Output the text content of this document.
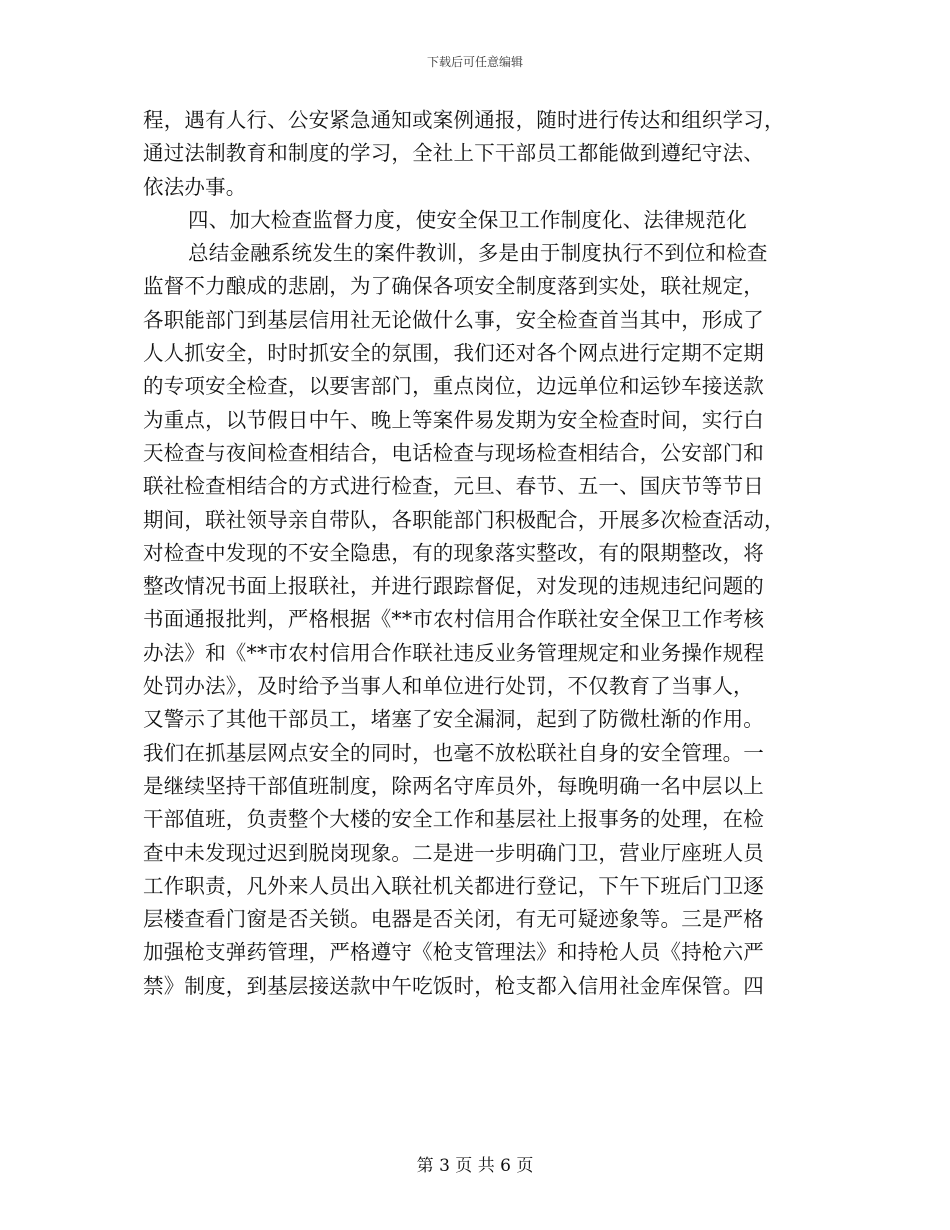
下载后可任意编辑
程，遇有人行、公安紧急通知或案例通报，随时进行传达和组织学习，
通过法制教育和制度的学习，全社上下干部员工都能做到遵纪守法、
依法办事。
四、加大检查监督力度，使安全保卫工作制度化、法律规范化
总结金融系统发生的案件教训，多是由于制度执行不到位和检查
监督不力酿成的悲剧，为了确保各项安全制度落到实处，联社规定，
各职能部门到基层信用社无论做什么事，安全检查首当其中，形成了
人人抓安全，时时抓安全的氛围，我们还对各个网点进行定期不定期
的专项安全检查，以要害部门，重点岗位，边远单位和运钞车接送款
为重点，以节假日中午、晚上等案件易发期为安全检查时间，实行白
天检查与夜间检查相结合，电话检查与现场检查相结合，公安部门和
联社检查相结合的方式进行检查，元旦、春节、五一、国庆节等节日
期间，联社领导亲自带队，各职能部门积极配合，开展多次检查活动，
对检查中发现的不安全隐患，有的现象落实整改，有的限期整改，将
整改情况书面上报联社，并进行跟踪督促，对发现的违规违纪问题的
书面通报批判，严格根据《**市农村信用合作联社安全保卫工作考核
办法》和《**市农村信用合作联社违反业务管理规定和业务操作规程
处罚办法》，及时给予当事人和单位进行处罚，不仅教育了当事人，
又警示了其他干部员工，堵塞了安全漏洞，起到了防微杜渐的作用。
我们在抓基层网点安全的同时，也毫不放松联社自身的安全管理。一
是继续坚持干部值班制度，除两名守库员外，每晚明确一名中层以上
干部值班，负责整个大楼的安全工作和基层社上报事务的处理，在检
查中未发现过迟到脱岗现象。二是进一步明确门卫，营业厅座班人员
工作职责，凡外来人员出入联社机关都进行登记，下午下班后门卫逐
层楼查看门窗是否关锁。电器是否关闭，有无可疑迹象等。三是严格
加强枪支弹药管理，严格遵守《枪支管理法》和持枪人员《持枪六严
禁》制度，到基层接送款中午吃饭时，枪支都入信用社金库保管。四
第 3 页 共 6 页
